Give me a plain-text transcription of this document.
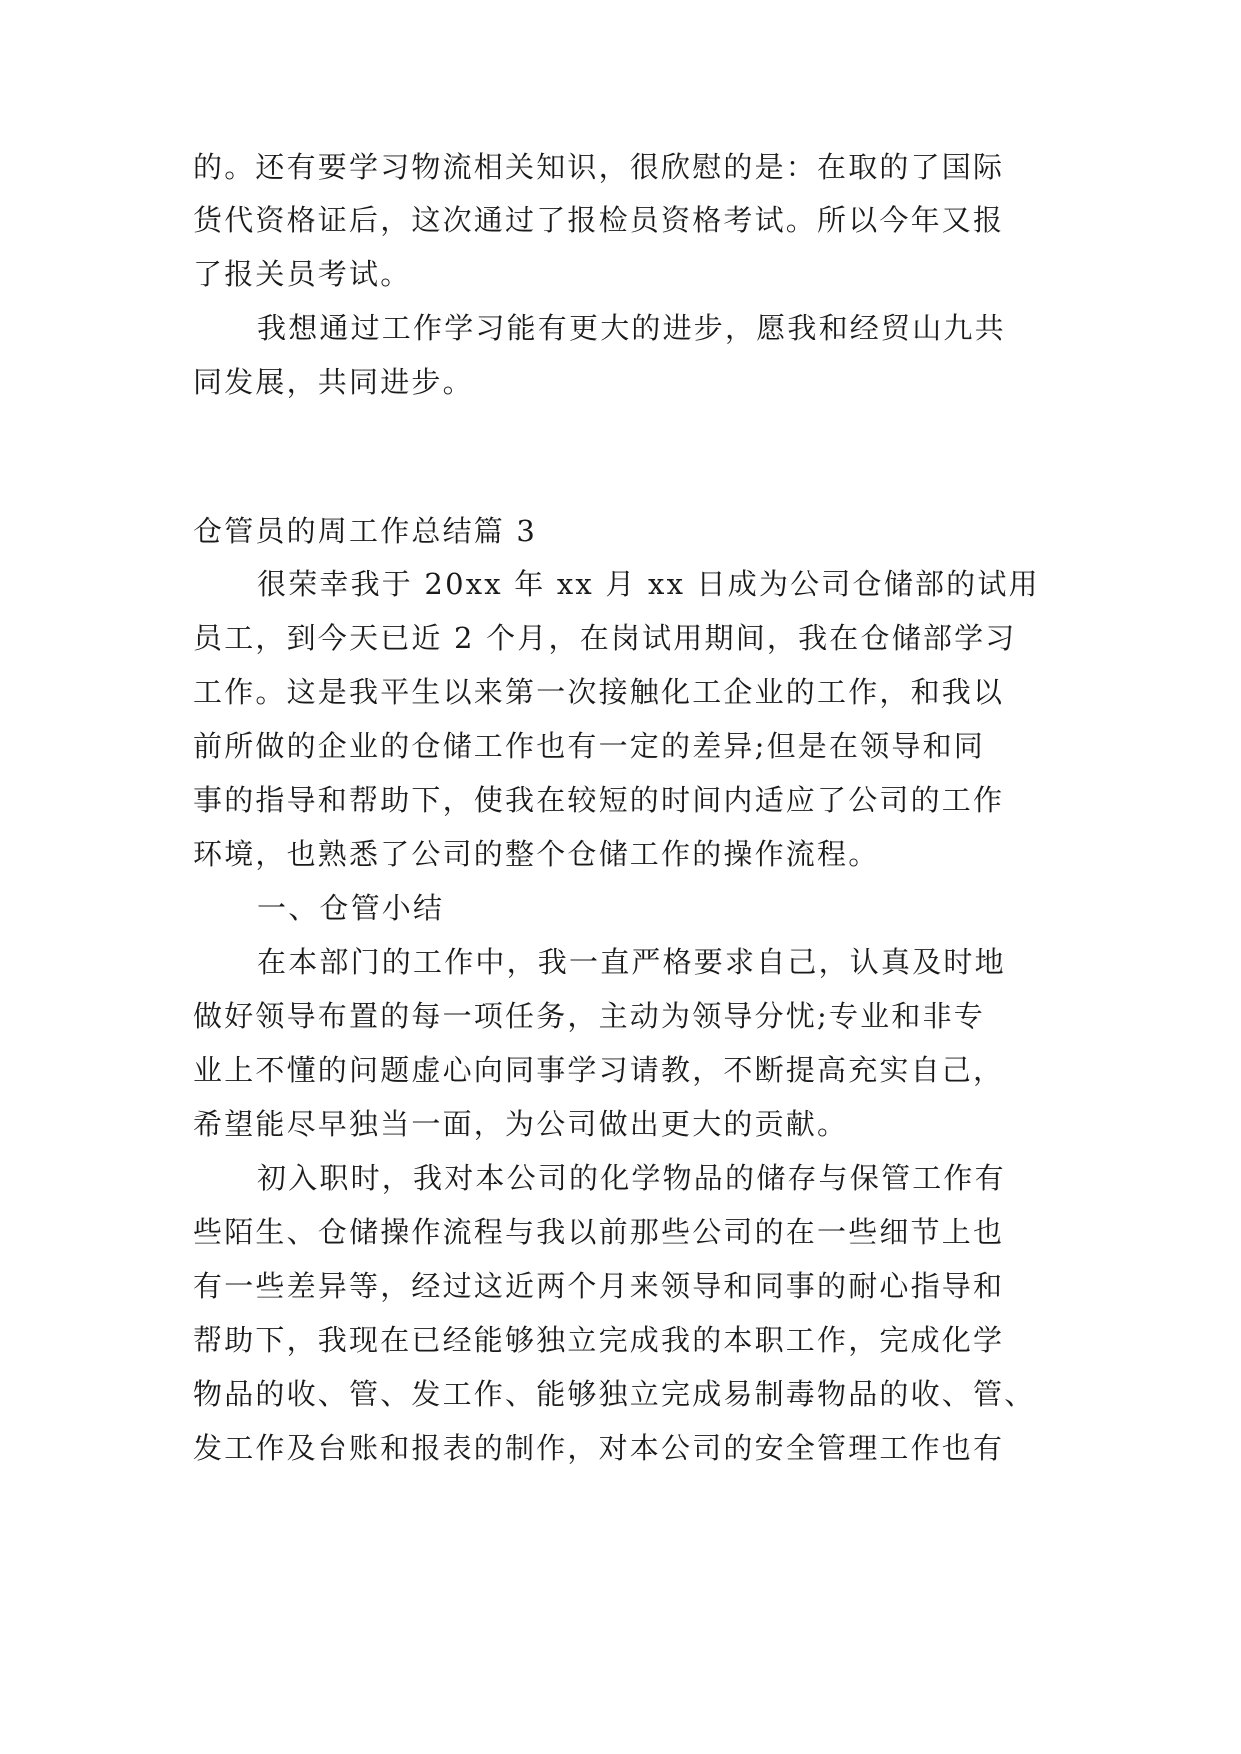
的。还有要学习物流相关知识，很欣慰的是：在取的了国际
货代资格证后，这次通过了报检员资格考试。所以今年又报
了报关员考试。
我想通过工作学习能有更大的进步，愿我和经贸山九共
同发展，共同进步。
仓管员的周工作总结篇 3
很荣幸我于 20xx 年 xx 月 xx 日成为公司仓储部的试用
员工，到今天已近 2 个月，在岗试用期间，我在仓储部学习
工作。这是我平生以来第一次接触化工企业的工作，和我以
前所做的企业的仓储工作也有一定的差异;但是在领导和同
事的指导和帮助下，使我在较短的时间内适应了公司的工作
环境，也熟悉了公司的整个仓储工作的操作流程。
一、仓管小结
在本部门的工作中，我一直严格要求自己，认真及时地
做好领导布置的每一项任务，主动为领导分忧;专业和非专
业上不懂的问题虚心向同事学习请教，不断提高充实自己，
希望能尽早独当一面，为公司做出更大的贡献。
初入职时，我对本公司的化学物品的储存与保管工作有
些陌生、仓储操作流程与我以前那些公司的在一些细节上也
有一些差异等，经过这近两个月来领导和同事的耐心指导和
帮助下，我现在已经能够独立完成我的本职工作，完成化学
物品的收、管、发工作、能够独立完成易制毒物品的收、管、
发工作及台账和报表的制作，对本公司的安全管理工作也有
